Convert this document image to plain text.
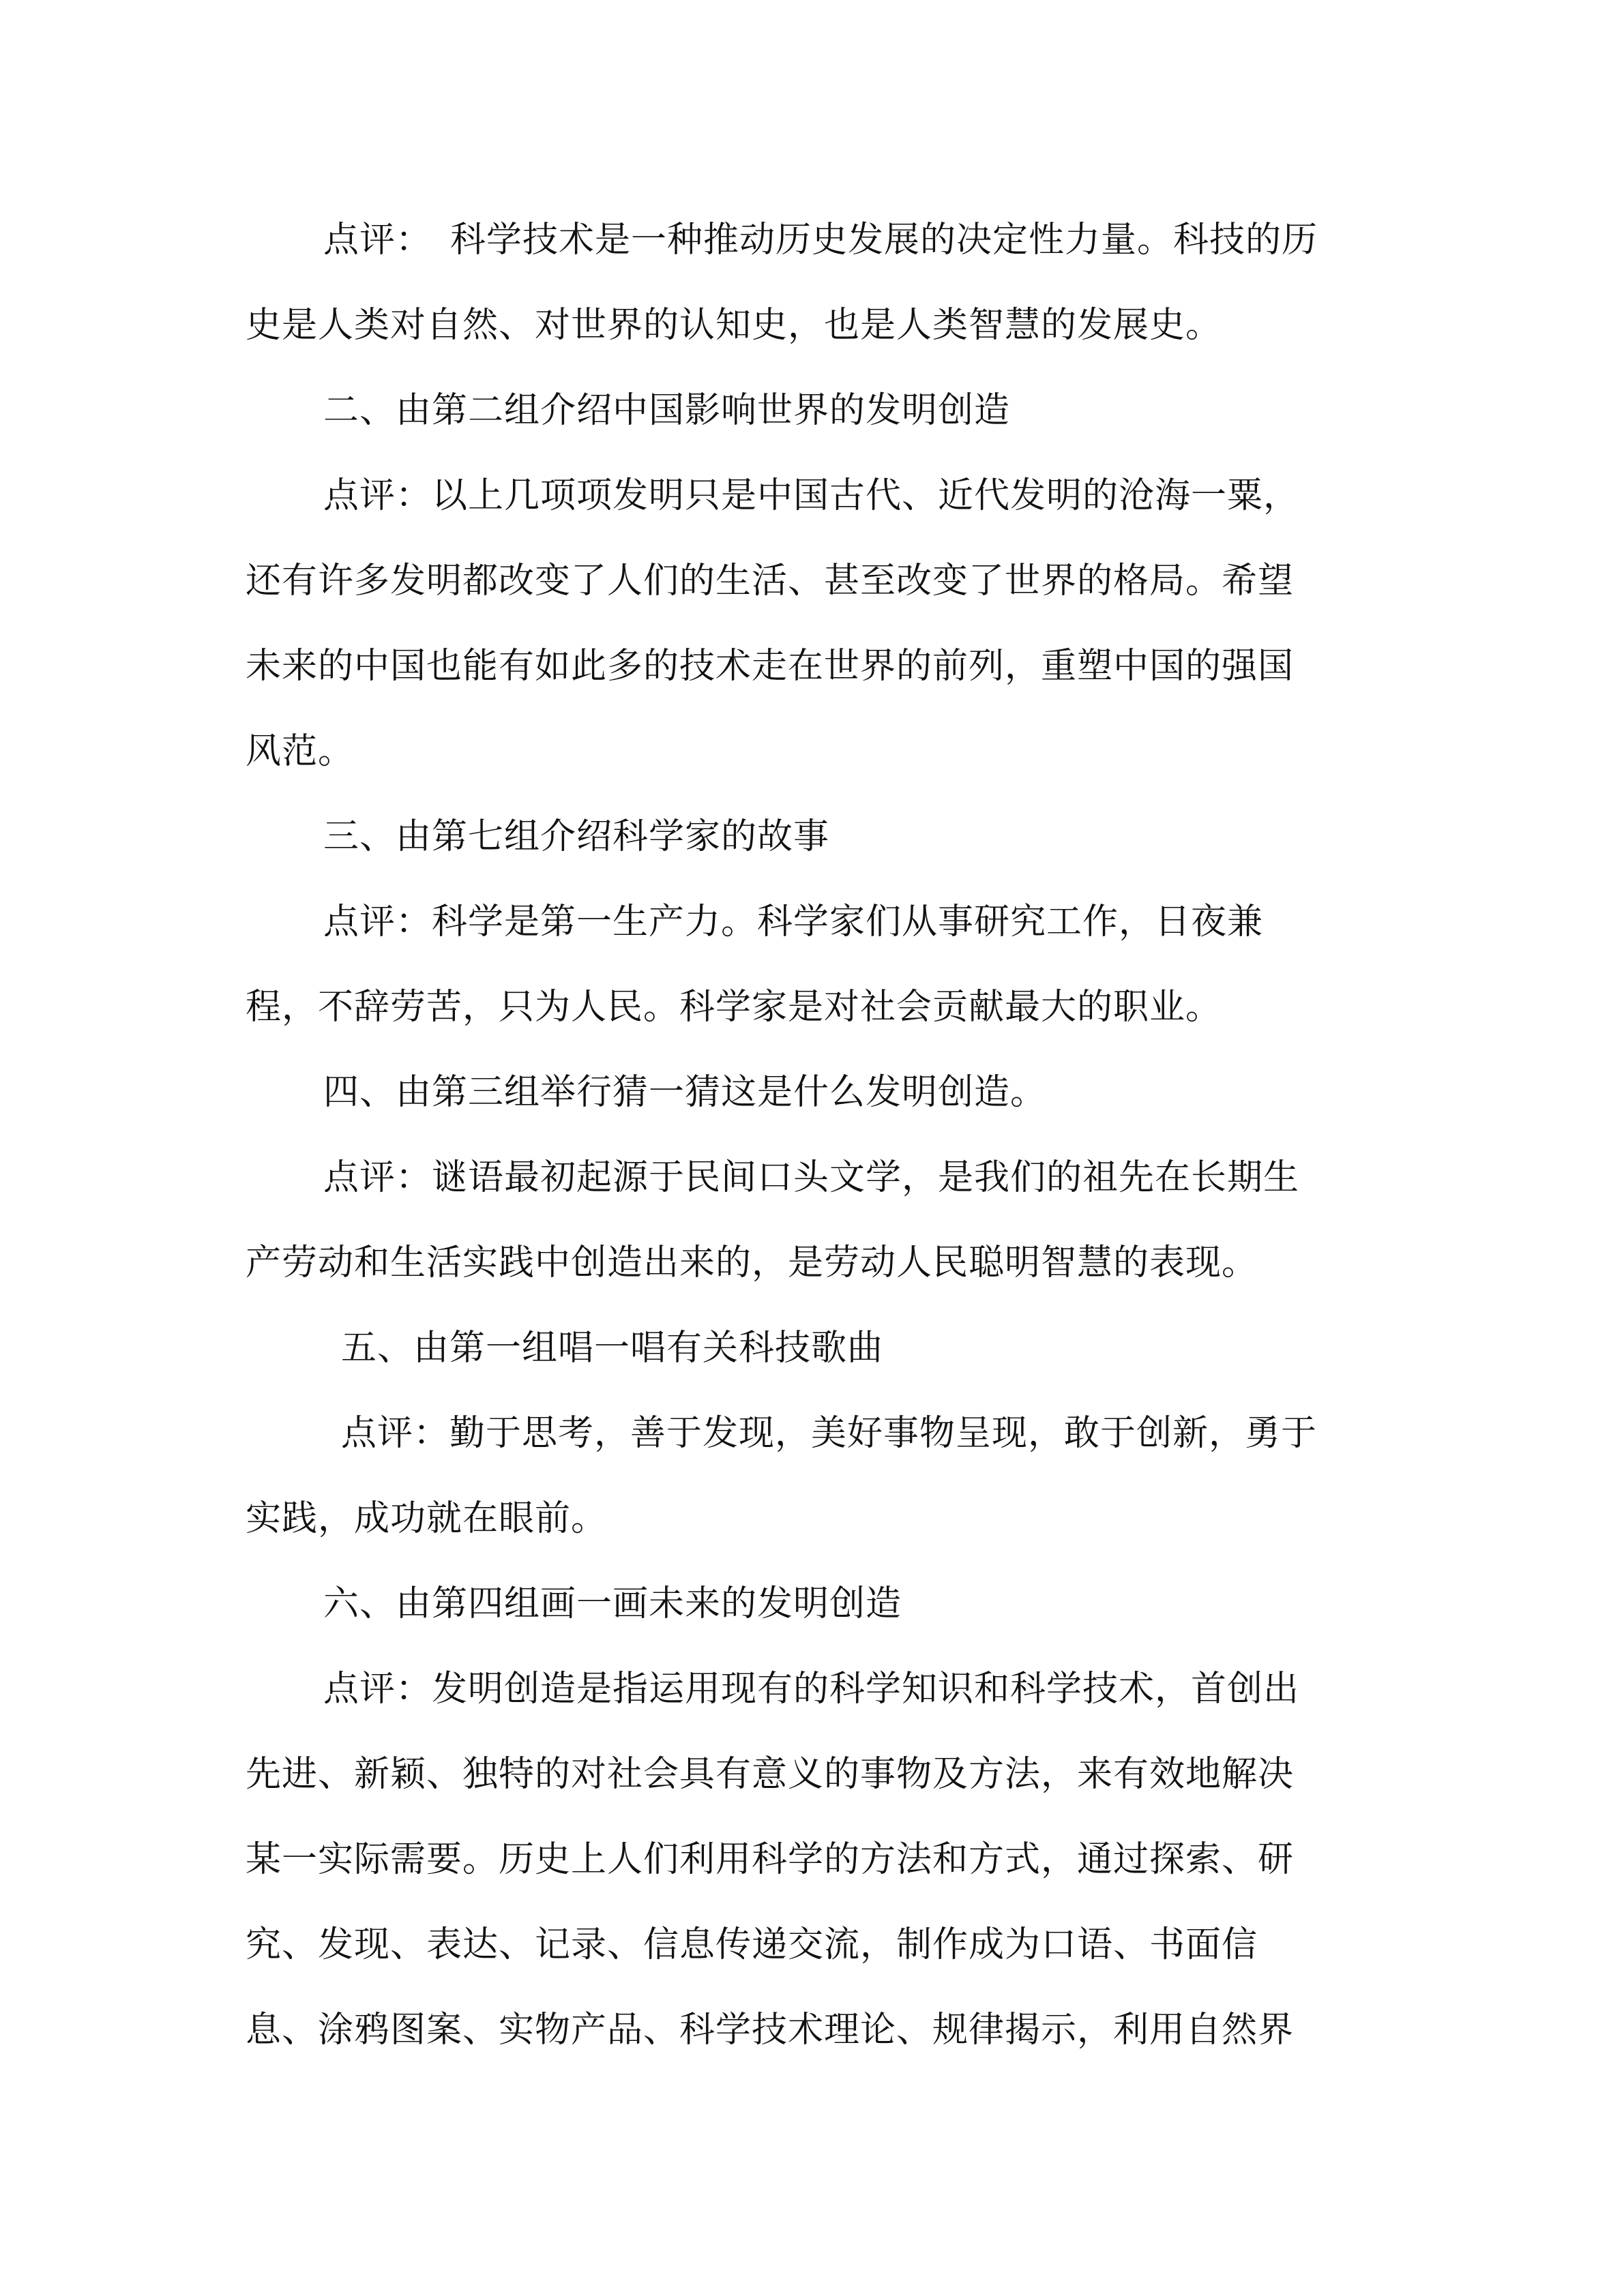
点评：　科学技术是一种推动历史发展的决定性力量。科技的历
史是人类对自然、对世界的认知史，也是人类智慧的发展史。
二、由第二组介绍中国影响世界的发明创造
点评：以上几项项发明只是中国古代、近代发明的沧海一粟，
还有许多发明都改变了人们的生活、甚至改变了世界的格局。希望
未来的中国也能有如此多的技术走在世界的前列，重塑中国的强国
风范。
三、由第七组介绍科学家的故事
点评：科学是第一生产力。科学家们从事研究工作，日夜兼
程，不辞劳苦，只为人民。科学家是对社会贡献最大的职业。
四、由第三组举行猜一猜这是什么发明创造。
点评：谜语最初起源于民间口头文学，是我们的祖先在长期生
产劳动和生活实践中创造出来的，是劳动人民聪明智慧的表现。
五、由第一组唱一唱有关科技歌曲
点评：勤于思考，善于发现，美好事物呈现，敢于创新，勇于
实践，成功就在眼前。
六、由第四组画一画未来的发明创造
点评：发明创造是指运用现有的科学知识和科学技术，首创出
先进、新颖、独特的对社会具有意义的事物及方法，来有效地解决
某一实际需要。历史上人们利用科学的方法和方式，通过探索、研
究、发现、表达、记录、信息传递交流，制作成为口语、书面信
息、涂鸦图案、实物产品、科学技术理论、规律揭示，利用自然界
